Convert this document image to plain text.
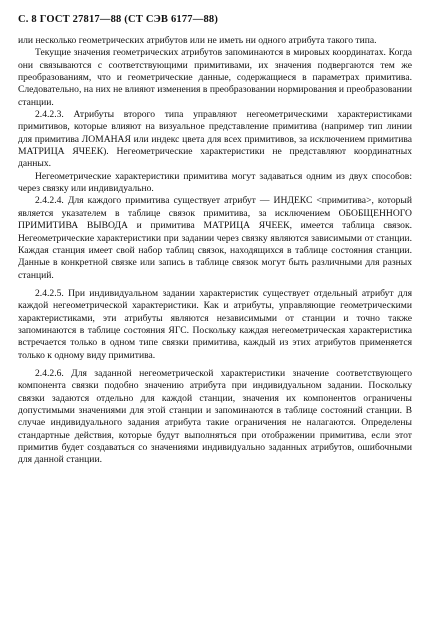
С. 8 ГОСТ 27817—88 (СТ СЭВ 6177—88)

или несколько геометрических атрибутов или не иметь ни одного атрибута такого типа.

Текущие значения геометрических атрибутов запоминаются в мировых координатах. Когда они связываются с соответствующими примитивами, их значения подвергаются тем же преобразованиям, что и геометрические данные, содержащиеся в параметрах примитива. Следовательно, на них не влияют изменения в преобразовании нормирования и преобразовании станции.

2.4.2.3. Атрибуты второго типа управляют негеометрическими характеристиками примитивов, которые влияют на визуальное представление примитива (например тип линии для примитива ЛОМАНАЯ или индекс цвета для всех примитивов, за исключением примитива МАТРИЦА ЯЧЕЕК). Негеометрические характеристики не представляют координатных данных.

Негеометрические характеристики примитива могут задаваться одним из двух способов: через связку или индивидуально.

2.4.2.4. Для каждого примитива существует атрибут — ИНДЕКС <примитива>, который является указателем в таблице связок примитива, за исключением ОБОБЩЕННОГО ПРИМИТИВА ВЫВОДА и примитива МАТРИЦА ЯЧЕЕК, имеется таблица связок. Негеометрические характеристики при задании через связку являются зависимыми от станции. Каждая станция имеет свой набор таблиц связок, находящихся в таблице состояния станции. Данные в конкретной связке или запись в таблице связок могут быть различными для разных станций.

2.4.2.5. При индивидуальном задании характеристик существует отдельный атрибут для каждой негеометрической характеристики. Как и атрибуты, управляющие геометрическими характеристиками, эти атрибуты являются независимыми от станции и точно также запоминаются в таблице состояния ЯГС. Поскольку каждая негеометрическая характеристика встречается только в одном типе связки примитива, каждый из этих атрибутов применяется только к одному виду примитива.

2.4.2.6. Для заданной негеометрической характеристики значение соответствующего компонента связки подобно значению атрибута при индивидуальном задании. Поскольку связки задаются отдельно для каждой станции, значения их компонентов ограничены допустимыми значениями для этой станции и запоминаются в таблице состояний станции. В случае индивидуального задания атрибута такие ограничения не налагаются. Определены стандартные действия, которые будут выполняться при отображении примитива, если этот примитив будет создаваться со значениями индивидуально заданных атрибутов, ошибочными для данной станции.
